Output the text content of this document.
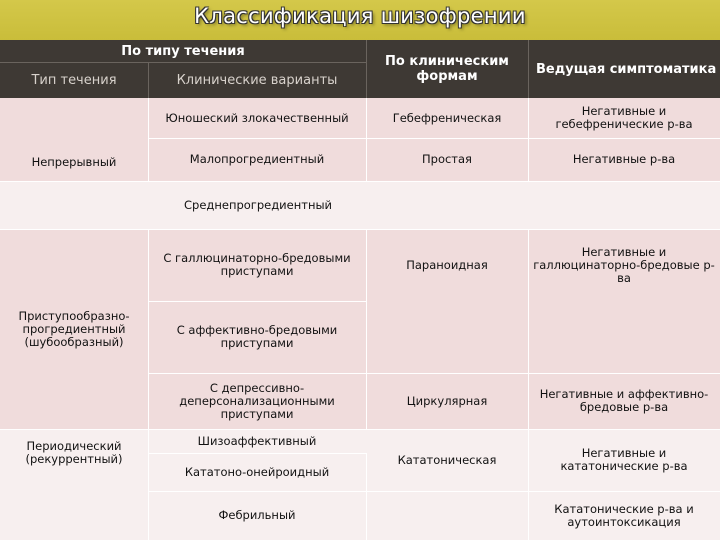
Классификация шизофрении
По типу течения
Тип течения	Клинические варианты
По клиническим формам	Ведущая симптоматика
Непрерывный
Приступообразно-прогредиентный (шубообразный)
Периодический (рекуррентный)
Юношеский злокачественный
Малопрогредиентный
Среднепрогредиентный
С галлюцинаторно-бредовыми приступами
С аффективно-бредовыми приступами
С депрессивно-деперсонализационными приступами
Шизоаффективный
Кататоно-онейроидный
Фебрильный
Гебефреническая
Простая
Параноидная
Циркулярная
Кататоническая
Негативные и гебефренические р-ва
Негативные р-ва
Негативные и галлюцинаторно-бредовые р-ва
Негативные и аффективно-бредовые р-ва
Негативные и кататонические р-ва
Кататонические р-ва и аутоинтоксикация
